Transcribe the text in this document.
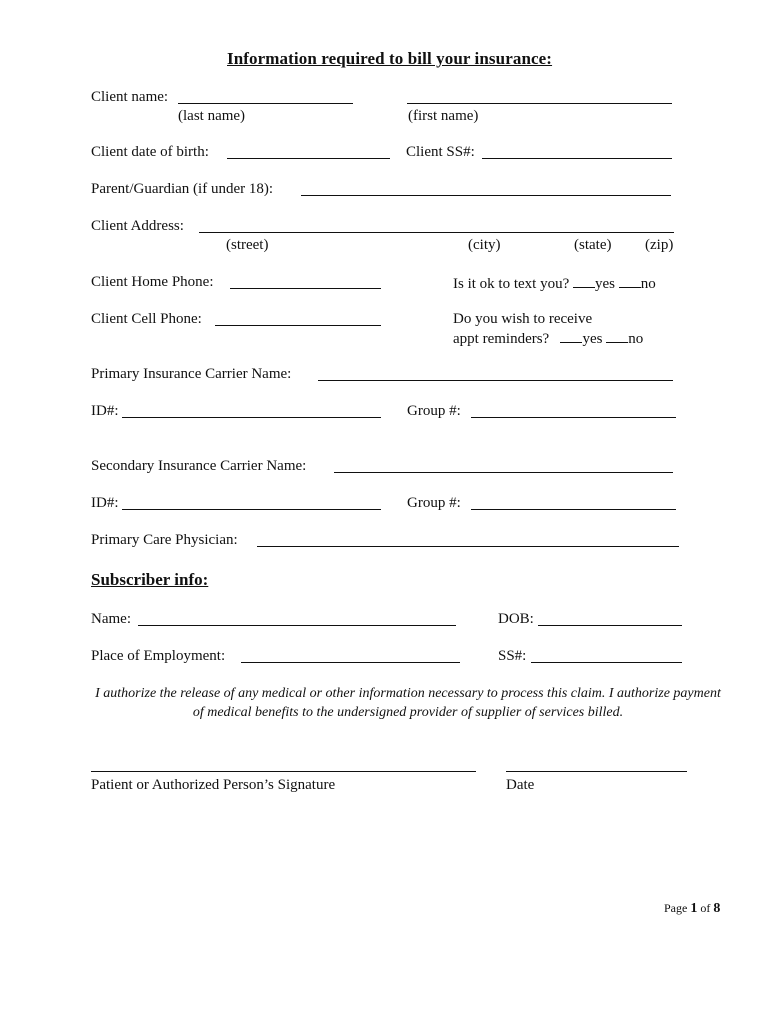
Information required to bill your insurance:
Client name:
(last name)	(first name)
Client date of birth:	Client SS#:
Parent/Guardian (if under 18):
Client Address:
(street)	(city)	(state) (zip)
Client Home Phone:	Is it ok to text you? yes no
Client Cell Phone:	Do you wish to receive
appt reminders? yes no
Primary Insurance Carrier Name:
ID#:	Group #:
Secondary Insurance Carrier Name:
ID#:	Group #:
Primary Care Physician:
Subscriber info:
Name:	DOB:
Place of Employment:	SS#:
I authorize the release of any medical or other information necessary to process this claim. I authorize payment of medical benefits to the undersigned provider of supplier of services billed.
Patient or Authorized Person’s Signature	Date
Page 1 of 8
